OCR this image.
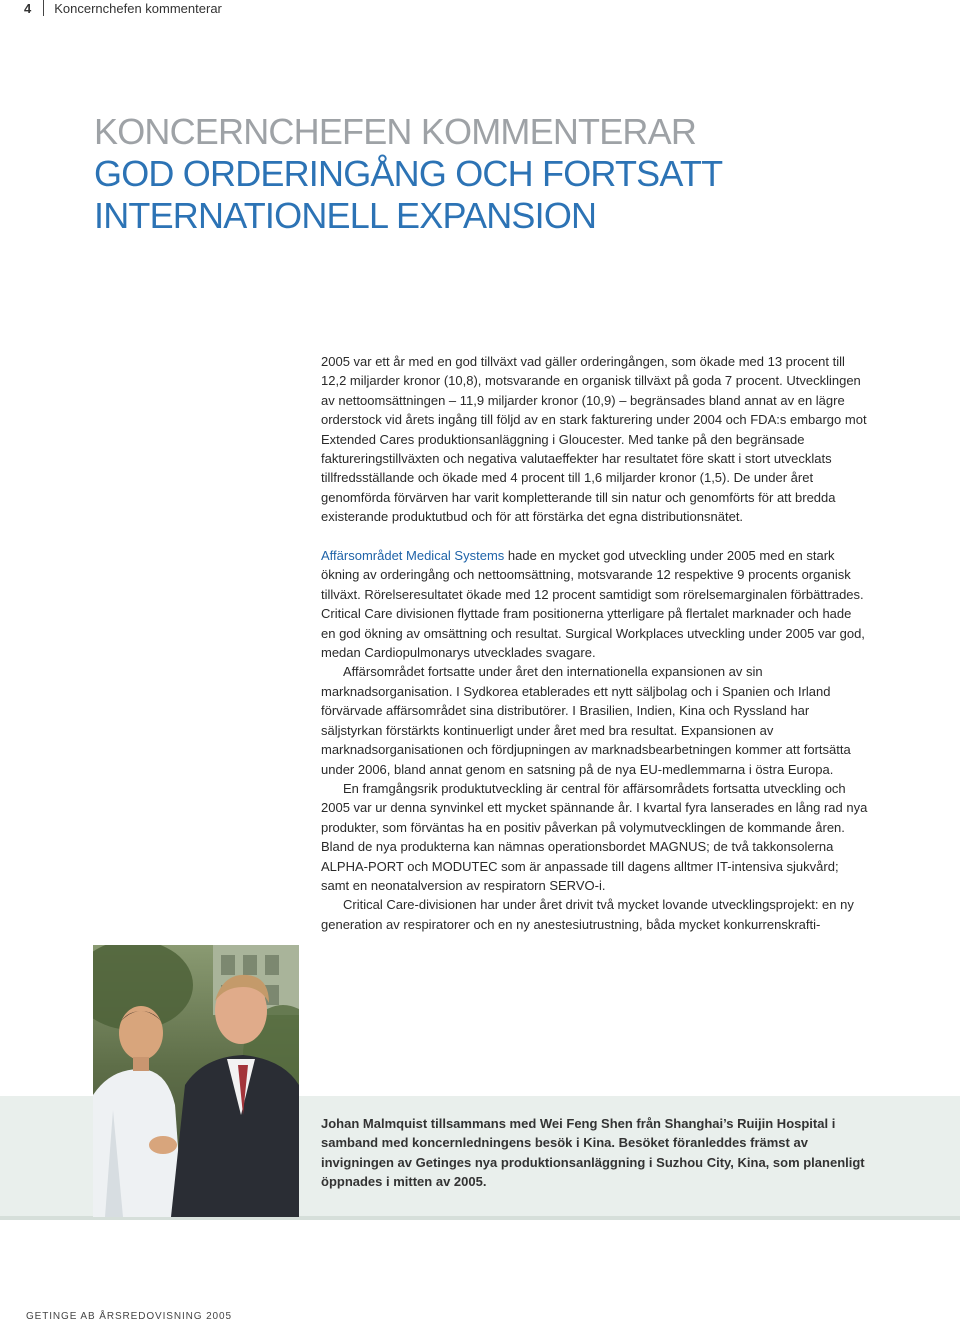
4 Koncernchefen kommenterar
KONCERNCHEFEN KOMMENTERAR
GOD ORDERINGÅNG OCH FORTSATT
INTERNATIONELL EXPANSION

2005 var ett år med en god tillväxt vad gäller orderingången, som ökade med 13 procent till 12,2 miljarder kronor (10,8), motsvarande en organisk tillväxt på goda 7 procent. Utvecklingen av nettoomsättningen – 11,9 miljarder kronor (10,9) – begränsades bland annat av en lägre orderstock vid årets ingång till följd av en stark fakturering under 2004 och FDA:s embargo mot Extended Cares produktionsanläggning i Gloucester. Med tanke på den begränsade faktureringstillväxten och negativa valutaeffekter har resultatet före skatt i stort utvecklats tillfredsställande och ökade med 4 procent till 1,6 miljarder kronor (1,5). De under året genomförda förvärven har varit kompletterande till sin natur och genomförts för att bredda existerande produktutbud och för att förstärka det egna distributionsnätet.

Affärsområdet Medical Systems hade en mycket god utveckling under 2005 med en stark ökning av orderingång och nettoomsättning, motsvarande 12 respektive 9 procents organisk tillväxt. Rörelseresultatet ökade med 12 procent samtidigt som rörelsemarginalen förbättrades. Critical Care divisionen flyttade fram positionerna ytterligare på flertalet marknader och hade en god ökning av omsättning och resultat. Surgical Workplaces utveckling under 2005 var god, medan Cardiopulmonarys utvecklades svagare.

Affärsområdet fortsatte under året den internationella expansionen av sin marknadsorganisation. I Sydkorea etablerades ett nytt säljbolag och i Spanien och Irland förvärvade affärsområdet sina distributörer. I Brasilien, Indien, Kina och Ryssland har säljstyrkan förstärkts kontinuerligt under året med bra resultat. Expansionen av marknadsorganisationen och fördjupningen av marknadsbearbetningen kommer att fortsätta under 2006, bland annat genom en satsning på de nya EU-medlemmarna i östra Europa.

En framgångsrik produktutveckling är central för affärsområdets fortsatta utveckling och 2005 var ur denna synvinkel ett mycket spännande år. I kvartal fyra lanserades en lång rad nya produkter, som förväntas ha en positiv påverkan på volymutvecklingen de kommande åren. Bland de nya produkterna kan nämnas operationsbordet MAGNUS; de två takkonsolerna ALPHA-PORT och MODUTEC som är anpassade till dagens alltmer IT-intensiva sjukvård; samt en neonatalversion av respiratorn SERVO-i.

Critical Care-divisionen har under året drivit två mycket lovande utvecklingsprojekt: en ny generation av respiratorer och en ny anestesiutrustning, båda mycket konkurrenskrafti-

Johan Malmquist tillsammans med Wei Feng Shen från Shanghai’s Ruijin Hospital i samband med koncernledningens besök i Kina. Besöket föranleddes främst av invigningen av Getinges nya produktionsanläggning i Suzhou City, Kina, som planenligt öppnades i mitten av 2005.

GETINGE AB ÅRSREDOVISNING 2005
